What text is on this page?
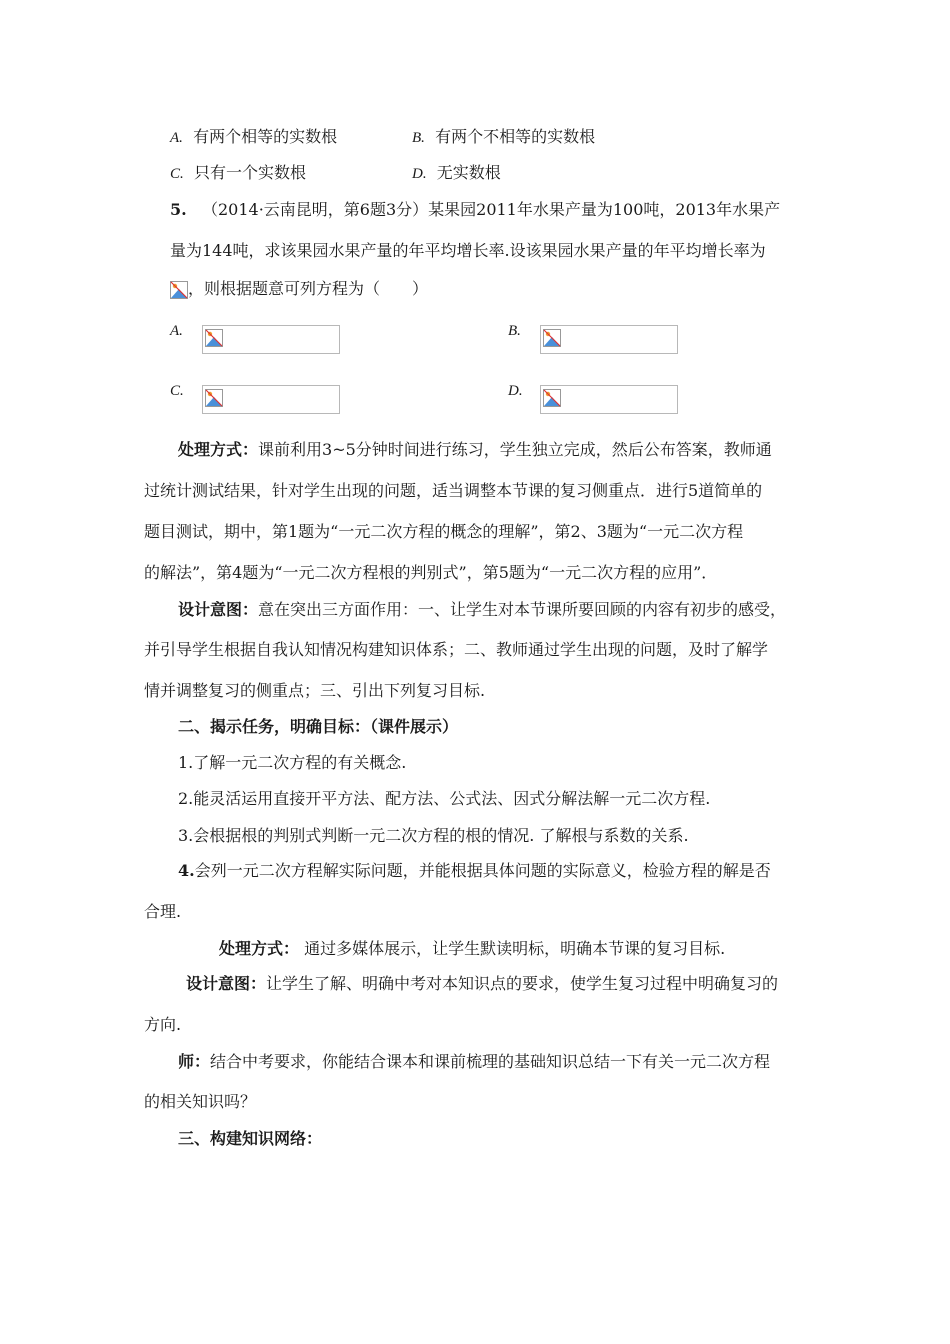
A. 有两个相等的实数根	B. 有两个不相等的实数根
C. 只有一个实数根	D. 无实数根
5. （2014·云南昆明，第6题3分）某果园2011年水果产量为100吨，2013年水果产
量为144吨，求该果园水果产量的年平均增长率.设该果园水果产量的年平均增长率为
，则根据题意可列方程为（　　）
A.	B.
C.	D.
处理方式：课前利用3~5分钟时间进行练习，学生独立完成，然后公布答案，教师通
过统计测试结果，针对学生出现的问题，适当调整本节课的复习侧重点．进行5道简单的
题目测试，期中，第1题为“一元二次方程的概念的理解”，第2、3题为“一元二次方程
的解法”，第4题为“一元二次方程根的判别式”，第5题为“一元二次方程的应用”．
设计意图：意在突出三方面作用：一、让学生对本节课所要回顾的内容有初步的感受，
并引导学生根据自我认知情况构建知识体系；二、教师通过学生出现的问题，及时了解学
情并调整复习的侧重点；三、引出下列复习目标.
二、揭示任务，明确目标：（课件展示）
1.了解一元二次方程的有关概念.
2.能灵活运用直接开平方法、配方法、公式法、因式分解法解一元二次方程.
3.会根据根的判别式判断一元二次方程的根的情况. 了解根与系数的关系.
4.会列一元二次方程解实际问题，并能根据具体问题的实际意义，检验方程的解是否
合理.
处理方式： 通过多媒体展示，让学生默读明标，明确本节课的复习目标.
设计意图：让学生了解、明确中考对本知识点的要求，使学生复习过程中明确复习的
方向.
师：结合中考要求，你能结合课本和课前梳理的基础知识总结一下有关一元二次方程
的相关知识吗？
三、构建知识网络：
